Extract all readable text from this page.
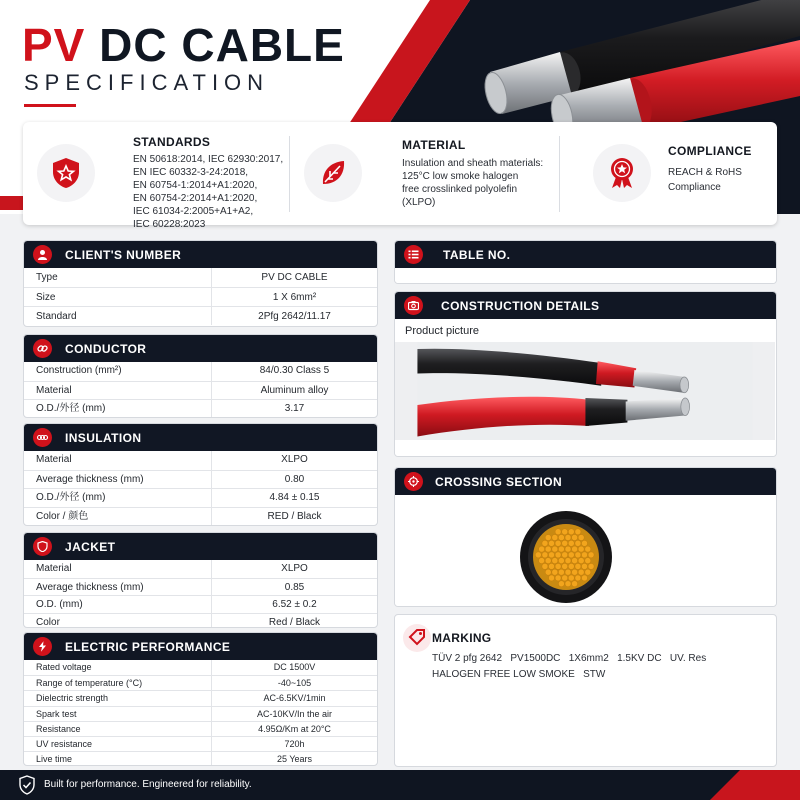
PV DC CABLE
SPECIFICATION
STANDARDS
EN 50618:2014, IEC 62930:2017,
EN IEC 60332-3-24:2018,
EN 60754-1:2014+A1:2020,
EN 60754-2:2014+A1:2020,
IEC 61034-2:2005+A1+A2,
IEC 60228:2023
MATERIAL
Insulation and sheath materials:
125°C low smoke halogen
free crosslinked polyolefin
(XLPO)
COMPLIANCE
REACH & RoHS
Compliance
CLIENT'S NUMBER
Type	PV DC CABLE
Size	1 X 6mm²
Standard	2Pfg 2642/11.17
CONDUCTOR
Construction (mm²)	84/0.30 Class 5
Material	Aluminum alloy
O.D./外径 (mm)	3.17
INSULATION
Material	XLPO
Average thickness (mm)	0.80
O.D./外径 (mm)	4.84 ± 0.15
Color / 颜色	RED / Black
JACKET
Material	XLPO
Average thickness (mm)	0.85
O.D. (mm)	6.52 ± 0.2
Color	Red / Black
ELECTRIC PERFORMANCE
Rated voltage	DC 1500V
Range of temperature (°C)	-40~105
Dielectric strength	AC-6.5KV/1min
Spark test	AC-10KV/In the air
Resistance	4.95Ω/Km at 20°C
UV resistance	720h
Live time	25 Years
TABLE NO.
CONSTRUCTION DETAILS
Product picture
CROSSING SECTION
MARKING
TÜV 2 pfg 2642   PV1500DC   1X6mm2   1.5KV DC   UV. Res
HALOGEN FREE LOW SMOKE   STW
Built for performance. Engineered for reliability.
